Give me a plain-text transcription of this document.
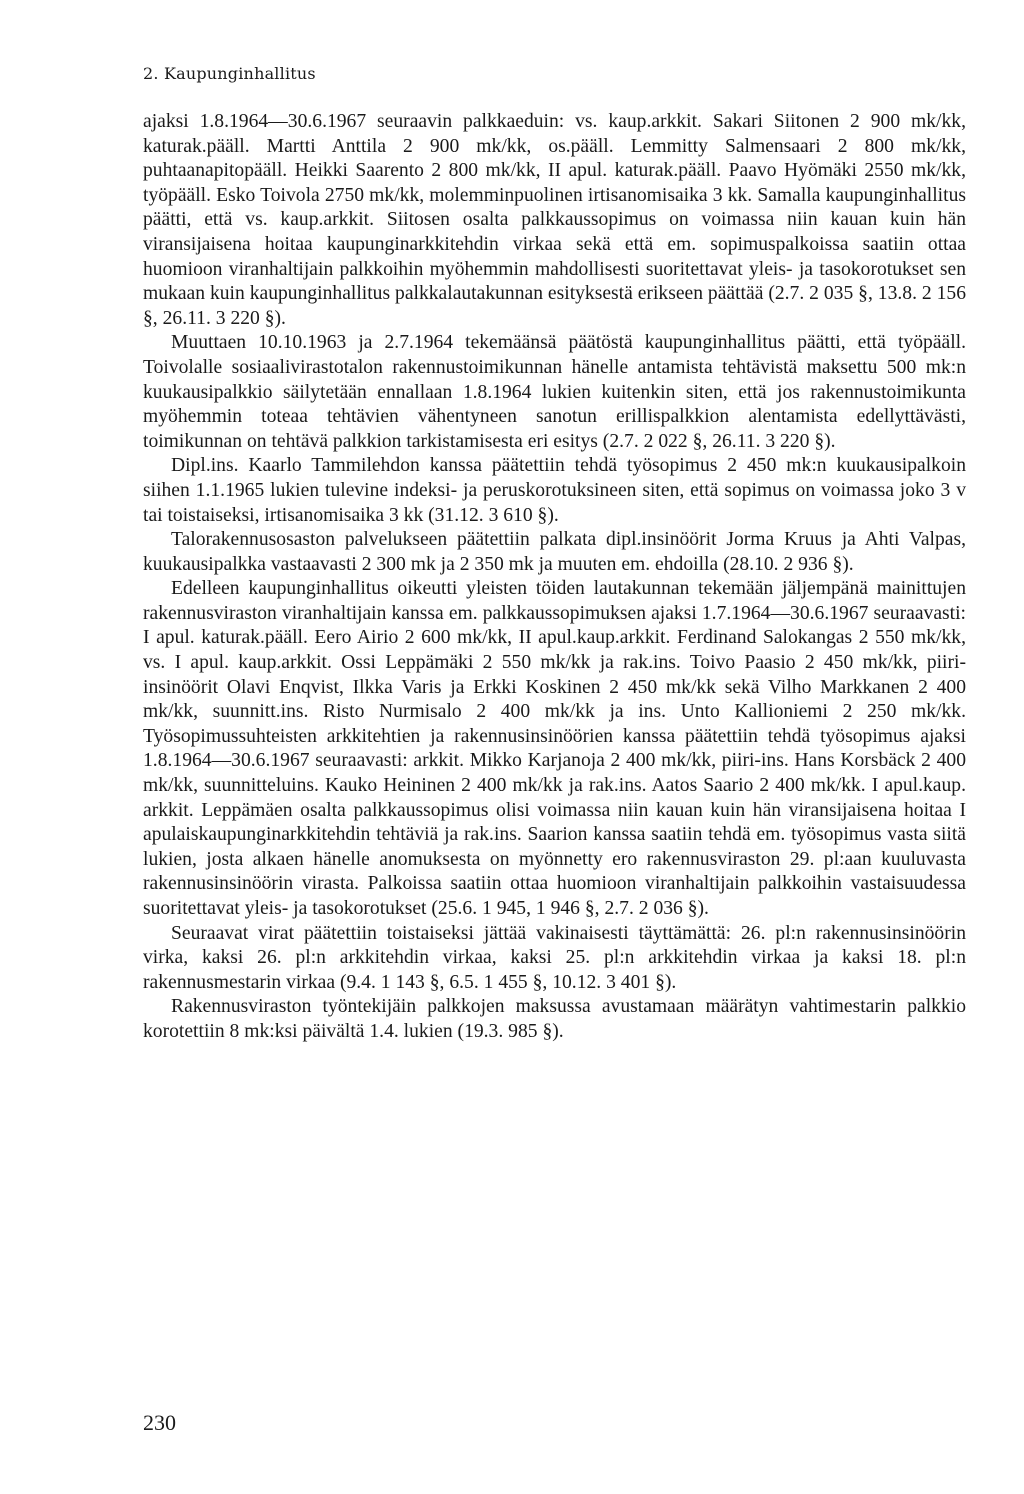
2. Kaupunginhallitus

ajaksi 1.8.1964—30.6.1967 seuraavin palkkaeduin: vs. kaup.arkkit. Sakari Siitonen 2 900 mk/kk, katurak.pääll. Martti Anttila 2 900 mk/kk, os.pääll. Lemmitty Salmensaari 2 800 mk/kk, puhtaanapitopääll. Heikki Saarento 2 800 mk/kk, II apul. katurak.pääll. Paavo Hyömäki 2550 mk/kk, työpääll. Esko Toivola 2750 mk/kk, molemminpuolinen irtisanomisaika 3 kk. Samalla kaupunginhallitus päätti, että vs. kaup.arkkit. Siitosen osalta palkkaussopimus on voimassa niin kauan kuin hän viransijaisena hoitaa kaupunginarkkitehdin virkaa sekä että em. sopimuspalkoissa saatiin ottaa huomioon viranhaltijain palkkoihin myöhemmin mahdollisesti suoritettavat yleis- ja tasokorotukset sen mukaan kuin kaupunginhallitus palkkalautakunnan esityksestä erikseen päättää (2.7. 2 035 §, 13.8. 2 156 §, 26.11. 3 220 §).

Muuttaen 10.10.1963 ja 2.7.1964 tekemäänsä päätöstä kaupunginhallitus päätti, että työpääll. Toivolalle sosiaalivirastotalon rakennustoimikunnan hänelle antamista tehtävistä maksettu 500 mk:n kuukausipalkkio säilytetään ennallaan 1.8.1964 lukien kuitenkin siten, että jos rakennustoimikunta myöhemmin toteaa tehtävien vähentyneen sanotun erillispalkkion alentamista edellyttävästi, toimikunnan on tehtävä palkkion tarkistamisesta eri esitys (2.7. 2 022 §, 26.11. 3 220 §).

Dipl.ins. Kaarlo Tammilehdon kanssa päätettiin tehdä työsopimus 2 450 mk:n kuukausipalkoin siihen 1.1.1965 lukien tulevine indeksi- ja peruskorotuksineen siten, että sopimus on voimassa joko 3 v tai toistaiseksi, irtisanomisaika 3 kk (31.12. 3 610 §).

Talorakennusosaston palvelukseen päätettiin palkata dipl.insinöörit Jorma Kruus ja Ahti Valpas, kuukausipalkka vastaavasti 2 300 mk ja 2 350 mk ja muuten em. ehdoilla (28.10. 2 936 §).

Edelleen kaupunginhallitus oikeutti yleisten töiden lautakunnan tekemään jäljempänä mainittujen rakennusviraston viranhaltijain kanssa em. palkkaussopimuksen ajaksi 1.7.1964—30.6.1967 seuraavasti: I apul. katurak.pääll. Eero Airio 2 600 mk/kk, II apul.kaup.arkkit. Ferdinand Salokangas 2 550 mk/kk, vs. I apul. kaup.arkkit. Ossi Leppämäki 2 550 mk/kk ja rak.ins. Toivo Paasio 2 450 mk/kk, piiri-insinöörit Olavi Enqvist, Ilkka Varis ja Erkki Koskinen 2 450 mk/kk sekä Vilho Markkanen 2 400 mk/kk, suunnitt.ins. Risto Nurmisalo 2 400 mk/kk ja ins. Unto Kallioniemi 2 250 mk/kk. Työsopimussuhteisten arkkitehtien ja rakennusinsinöörien kanssa päätettiin tehdä työsopimus ajaksi 1.8.1964—30.6.1967 seuraavasti: arkkit. Mikko Karjanoja 2 400 mk/kk, piiri-ins. Hans Korsbäck 2 400 mk/kk, suunnitteluins. Kauko Heininen 2 400 mk/kk ja rak.ins. Aatos Saario 2 400 mk/kk. I apul.kaup. arkkit. Leppämäen osalta palkkaussopimus olisi voimassa niin kauan kuin hän viransijaisena hoitaa I apulaiskaupunginarkkitehdin tehtäviä ja rak.ins. Saarion kanssa saatiin tehdä em. työsopimus vasta siitä lukien, josta alkaen hänelle anomuksesta on myönnetty ero rakennusviraston 29. pl:aan kuuluvasta rakennusinsinöörin virasta. Palkoissa saatiin ottaa huomioon viranhaltijain palkkoihin vastaisuudessa suoritettavat yleis- ja tasokorotukset (25.6. 1 945, 1 946 §, 2.7. 2 036 §).

Seuraavat virat päätettiin toistaiseksi jättää vakinaisesti täyttämättä: 26. pl:n rakennusinsinöörin virka, kaksi 26. pl:n arkkitehdin virkaa, kaksi 25. pl:n arkkitehdin virkaa ja kaksi 18. pl:n rakennusmestarin virkaa (9.4. 1 143 §, 6.5. 1 455 §, 10.12. 3 401 §).

Rakennusviraston työntekijäin palkkojen maksussa avustamaan määrätyn vahtimestarin palkkio korotettiin 8 mk:ksi päivältä 1.4. lukien (19.3. 985 §).

230
